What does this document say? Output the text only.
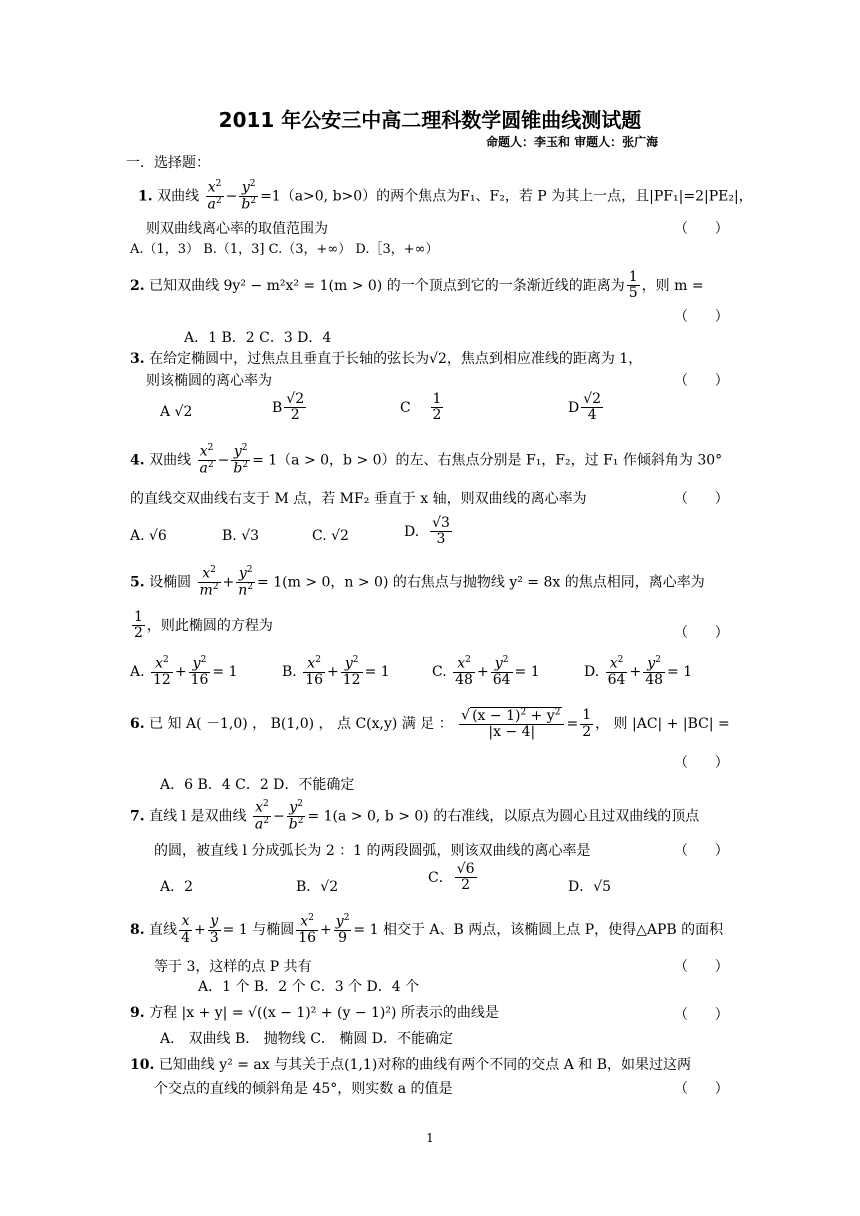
2011 年公安三中高二理科数学圆锥曲线测试题
命题人：李玉和 审题人：张广海
一．选择题：
1. 双曲线 $\frac{x^2}{a^2} - \frac{y^2}{b^2} =1(a>0$, b>0）的两个焦点为F₁、F₂，若 P 为其上一点，且|PF₁|=2|PE₂|，
则双曲线离心率的取值范围为	（      ）
A.（1，3） B.（1，3] C.（3，+∞） D.［3，+∞）
2. 已知双曲线 9y² − m²x² = 1(m > 0) 的一个顶点到它的一条渐近线的距离为 $\frac{1}{5}$ ，则 m =
（      ）
A．1 B．2 C．3 D．4
3. 在给定椭圆中，过焦点且垂直于长轴的弦长为√2，焦点到相应准线的距离为 1，
则该椭圆的离心率为	（      ）
A √2	B $\frac{√2}{2}$	C $\frac{1}{2}$	D $\frac{√2}{4}$
4. 双曲线 $\frac{x^2}{a^2} - \frac{y^2}{b^2} = 1(a > 0$，b > 0）的左、右焦点分别是 F₁，F₂，过 F₁ 作倾斜角为 30°
的直线交双曲线右支于 M 点，若 MF₂ 垂直于 x 轴，则双曲线的离心率为	（      ）
A. √6	B. √3	C. √2	D. $\frac{√3}{3}$
5. 设椭圆 $\frac{x^2}{m^2} + \frac{y^2}{n^2} = 1(m > 0$，n > 0) 的右焦点与抛物线 y² = 8x 的焦点相同，离心率为
$\frac{1}{2}$ ，则此椭圆的方程为	（      ）
A. $\frac{x^2}{12} + \frac{y^2}{16} = 1$	B. $\frac{x^2}{16} + \frac{y^2}{12} = 1$	C. $\frac{x^2}{48} + \frac{y^2}{64} = 1$	D. $\frac{x^2}{64} + \frac{y^2}{48} = 1$
6. 已 知 A( －1,0) ， B(1,0) ， 点 C(x,y) 满 足 ： $\frac{√ (x - 1)^2 + y^2}{|x - 4|} = \frac{1}{2}$ ， 则 |AC| + |BC| =
（      ）
A．6 B．4 C．2 D．不能确定
7. 直线 l 是双曲线 $\frac{x^2}{a^2} - \frac{y^2}{b^2} = 1(a > 0$, b > 0) 的右准线，以原点为圆心且过双曲线的顶点
的圆，被直线 l 分成弧长为 2 ：1 的两段圆弧，则该双曲线的离心率是	（      ）
A．2	B．√2
C． $\frac{√6}{2}$	D．√5
8. 直线 $\frac{x}{4} + \frac{y}{3} = 1$ 与椭圆 $\frac{x^2}{16} + \frac{y^2}{9} = 1$ 相交于 A、B 两点，该椭圆上点 P，使得△APB 的面积
等于 3，这样的点 P 共有	（      ）
A．1 个 B．2 个 C．3 个 D．4 个
9. 方程 |x + y| = √((x − 1)² + (y − 1)²) 所表示的曲线是	（      ）
A． 双曲线 B． 抛物线 C． 椭圆 D．不能确定
10. 已知曲线 y² = ax 与其关于点(1,1)对称的曲线有两个不同的交点 A 和 B，如果过这两
个交点的直线的倾斜角是 45°，则实数 a 的值是	（      ）
1
